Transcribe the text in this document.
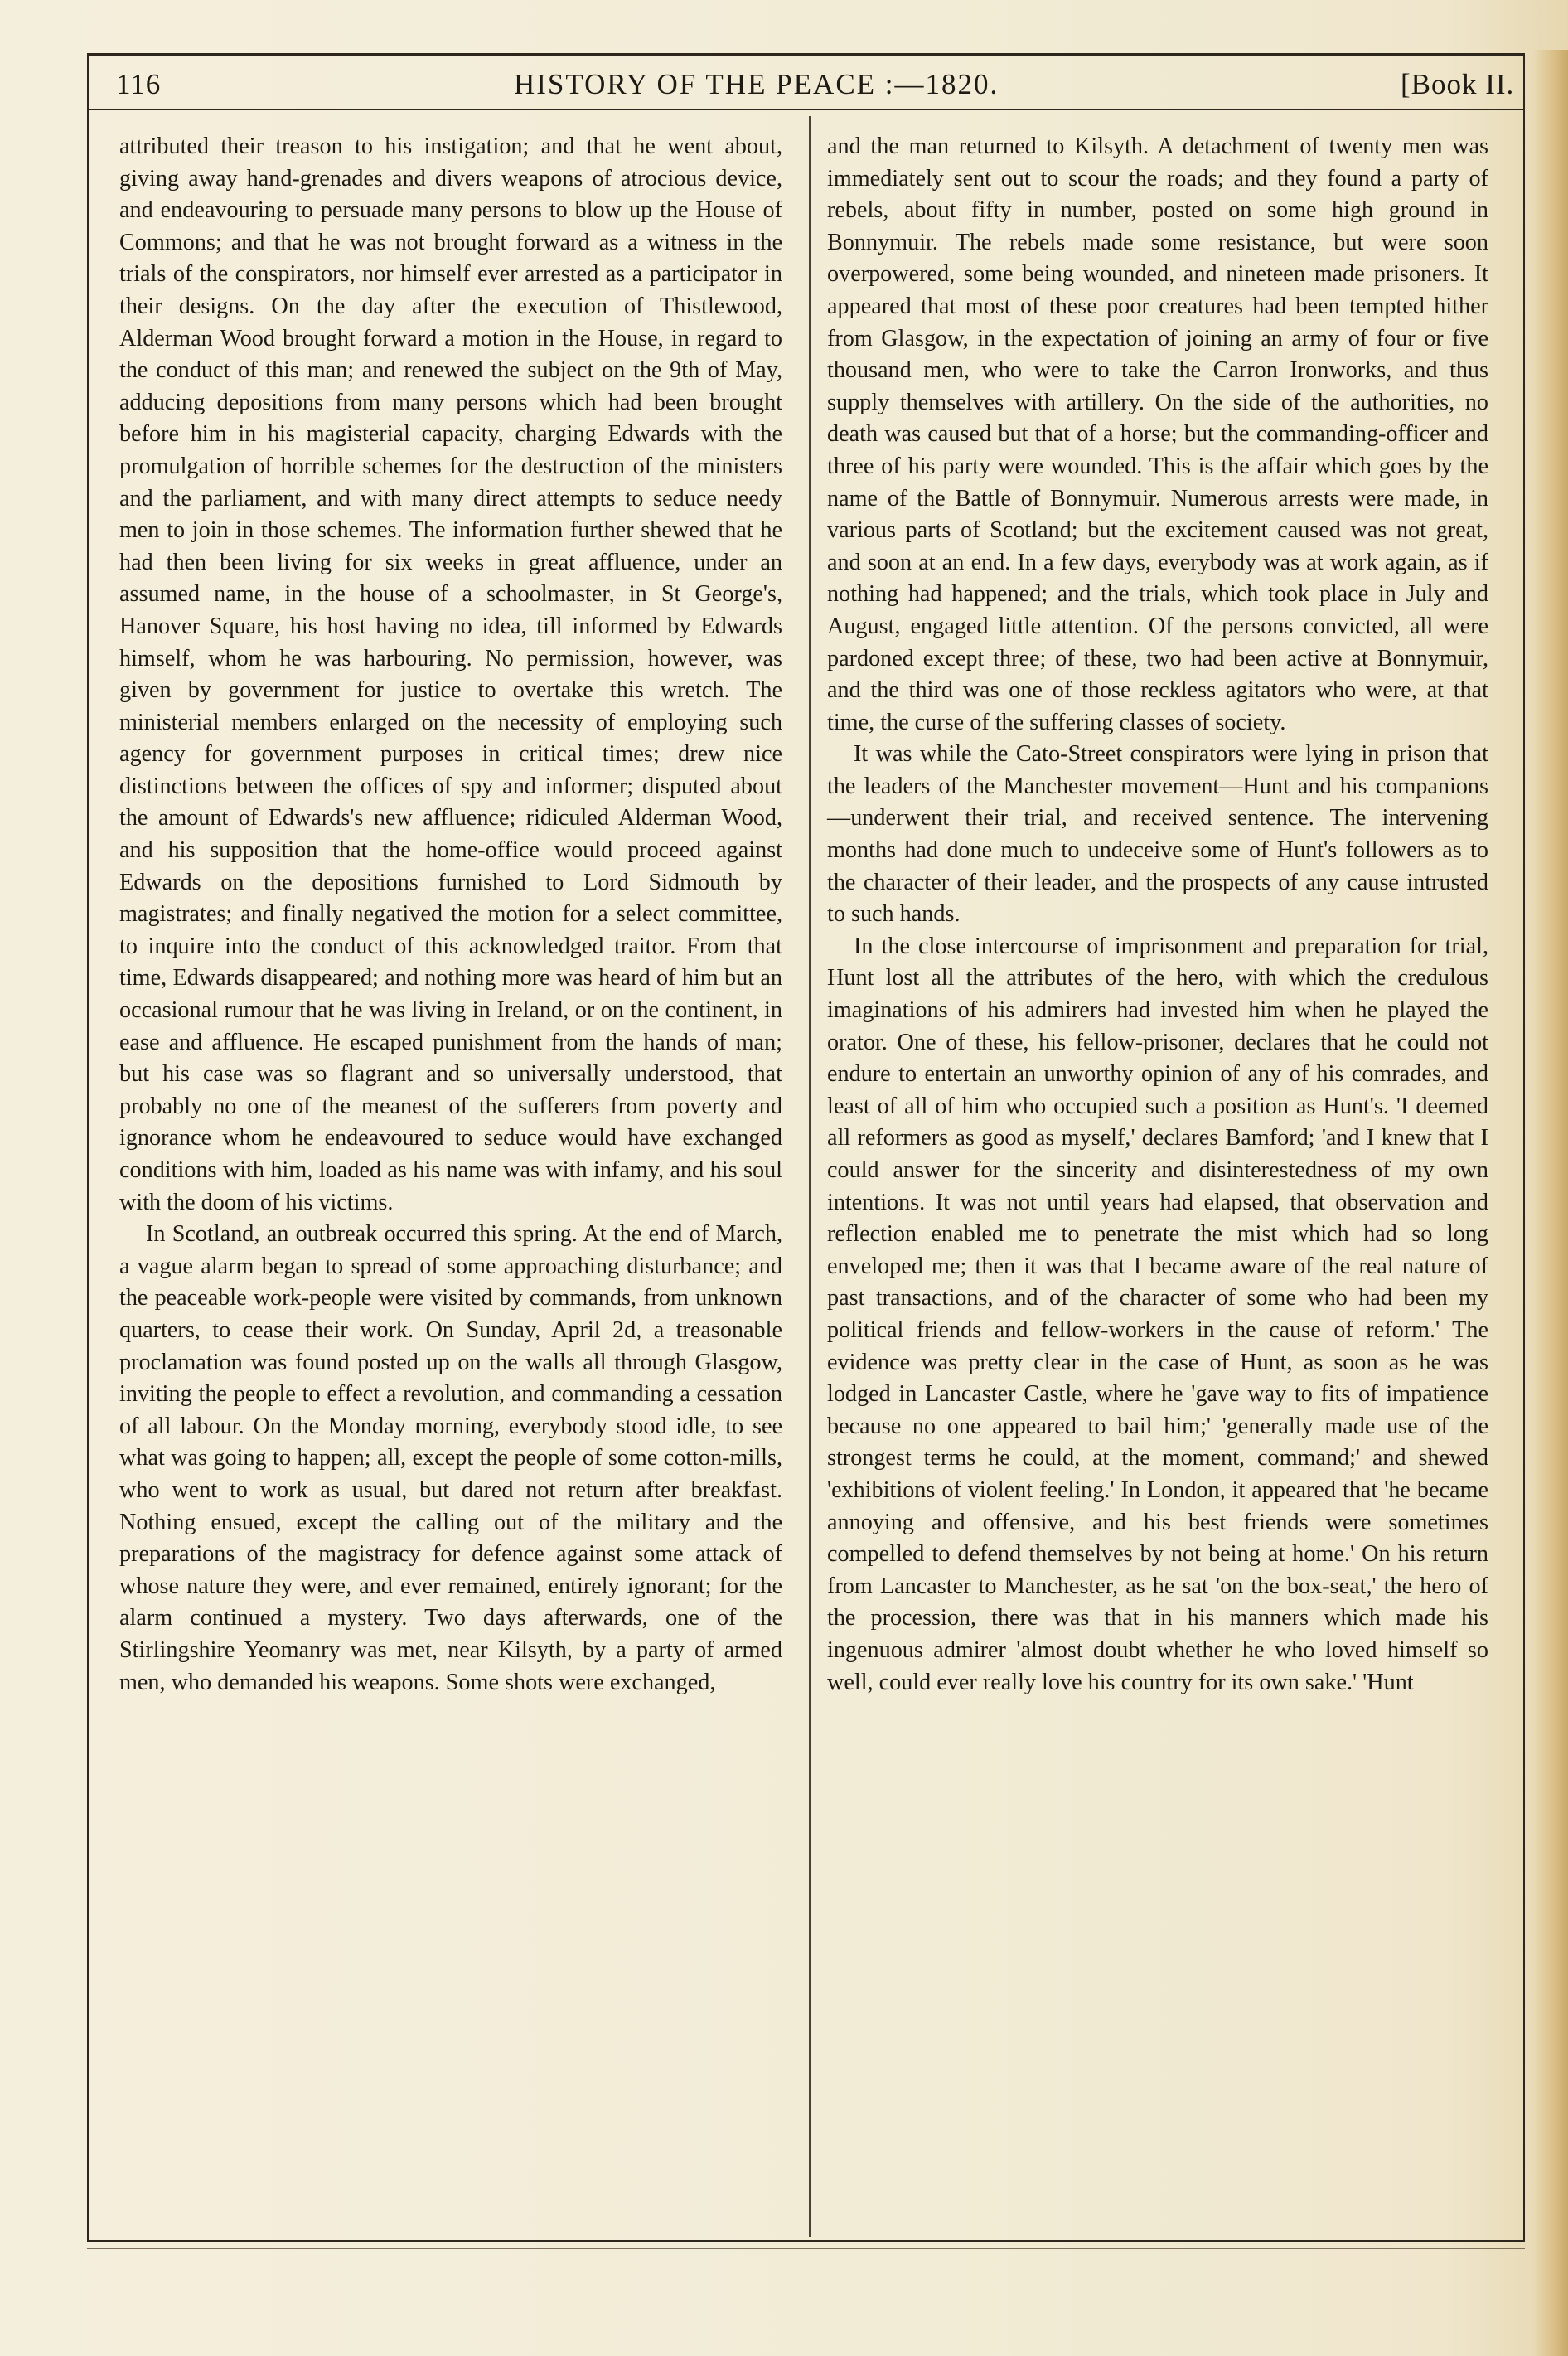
116	HISTORY OF THE PEACE :—1820.	[Book II.

attributed their treason to his instigation; and that he went about, giving away hand-grenades and divers weapons of atrocious device, and endeavouring to persuade many persons to blow up the House of Commons; and that he was not brought forward as a witness in the trials of the conspirators, nor himself ever arrested as a participator in their designs. On the day after the execution of Thistlewood, Alderman Wood brought forward a motion in the House, in regard to the conduct of this man; and renewed the subject on the 9th of May, adducing depositions from many persons which had been brought before him in his magisterial capacity, charging Edwards with the promulgation of horrible schemes for the destruction of the ministers and the parliament, and with many direct attempts to seduce needy men to join in those schemes. The information further shewed that he had then been living for six weeks in great affluence, under an assumed name, in the house of a schoolmaster, in St George's, Hanover Square, his host having no idea, till informed by Edwards himself, whom he was harbouring. No permission, however, was given by government for justice to overtake this wretch. The ministerial members enlarged on the necessity of employing such agency for government purposes in critical times; drew nice distinctions between the offices of spy and informer; disputed about the amount of Edwards's new affluence; ridiculed Alderman Wood, and his supposition that the home-office would proceed against Edwards on the depositions furnished to Lord Sidmouth by magistrates; and finally negatived the motion for a select committee, to inquire into the conduct of this acknowledged traitor. From that time, Edwards disappeared; and nothing more was heard of him but an occasional rumour that he was living in Ireland, or on the continent, in ease and affluence. He escaped punishment from the hands of man; but his case was so flagrant and so universally understood, that probably no one of the meanest of the sufferers from poverty and ignorance whom he endeavoured to seduce would have exchanged conditions with him, loaded as his name was with infamy, and his soul with the doom of his victims.

In Scotland, an outbreak occurred this spring. At the end of March, a vague alarm began to spread of some approaching disturbance; and the peaceable work-people were visited by commands, from unknown quarters, to cease their work. On Sunday, April 2d, a treasonable proclamation was found posted up on the walls all through Glasgow, inviting the people to effect a revolution, and commanding a cessation of all labour. On the Monday morning, everybody stood idle, to see what was going to happen; all, except the people of some cotton-mills, who went to work as usual, but dared not return after breakfast. Nothing ensued, except the calling out of the military and the preparations of the magistracy for defence against some attack of whose nature they were, and ever remained, entirely ignorant; for the alarm continued a mystery. Two days afterwards, one of the Stirlingshire Yeomanry was met, near Kilsyth, by a party of armed men, who demanded his weapons. Some shots were exchanged,

and the man returned to Kilsyth. A detachment of twenty men was immediately sent out to scour the roads; and they found a party of rebels, about fifty in number, posted on some high ground in Bonnymuir. The rebels made some resistance, but were soon overpowered, some being wounded, and nineteen made prisoners. It appeared that most of these poor creatures had been tempted hither from Glasgow, in the expectation of joining an army of four or five thousand men, who were to take the Carron Ironworks, and thus supply themselves with artillery. On the side of the authorities, no death was caused but that of a horse; but the commanding-officer and three of his party were wounded. This is the affair which goes by the name of the Battle of Bonnymuir. Numerous arrests were made, in various parts of Scotland; but the excitement caused was not great, and soon at an end. In a few days, everybody was at work again, as if nothing had happened; and the trials, which took place in July and August, engaged little attention. Of the persons convicted, all were pardoned except three; of these, two had been active at Bonnymuir, and the third was one of those reckless agitators who were, at that time, the curse of the suffering classes of society.

It was while the Cato-Street conspirators were lying in prison that the leaders of the Manchester movement—Hunt and his companions—underwent their trial, and received sentence. The intervening months had done much to undeceive some of Hunt's followers as to the character of their leader, and the prospects of any cause intrusted to such hands.

In the close intercourse of imprisonment and preparation for trial, Hunt lost all the attributes of the hero, with which the credulous imaginations of his admirers had invested him when he played the orator. One of these, his fellow-prisoner, declares that he could not endure to entertain an unworthy opinion of any of his comrades, and least of all of him who occupied such a position as Hunt's. 'I deemed all reformers as good as myself,' declares Bamford; 'and I knew that I could answer for the sincerity and disinterestedness of my own intentions. It was not until years had elapsed, that observation and reflection enabled me to penetrate the mist which had so long enveloped me; then it was that I became aware of the real nature of past transactions, and of the character of some who had been my political friends and fellow-workers in the cause of reform.' The evidence was pretty clear in the case of Hunt, as soon as he was lodged in Lancaster Castle, where he 'gave way to fits of impatience because no one appeared to bail him;' 'generally made use of the strongest terms he could, at the moment, command;' and shewed 'exhibitions of violent feeling.' In London, it appeared that 'he became annoying and offensive, and his best friends were sometimes compelled to defend themselves by not being at home.' On his return from Lancaster to Manchester, as he sat 'on the box-seat,' the hero of the procession, there was that in his manners which made his ingenuous admirer 'almost doubt whether he who loved himself so well, could ever really love his country for its own sake.' 'Hunt
